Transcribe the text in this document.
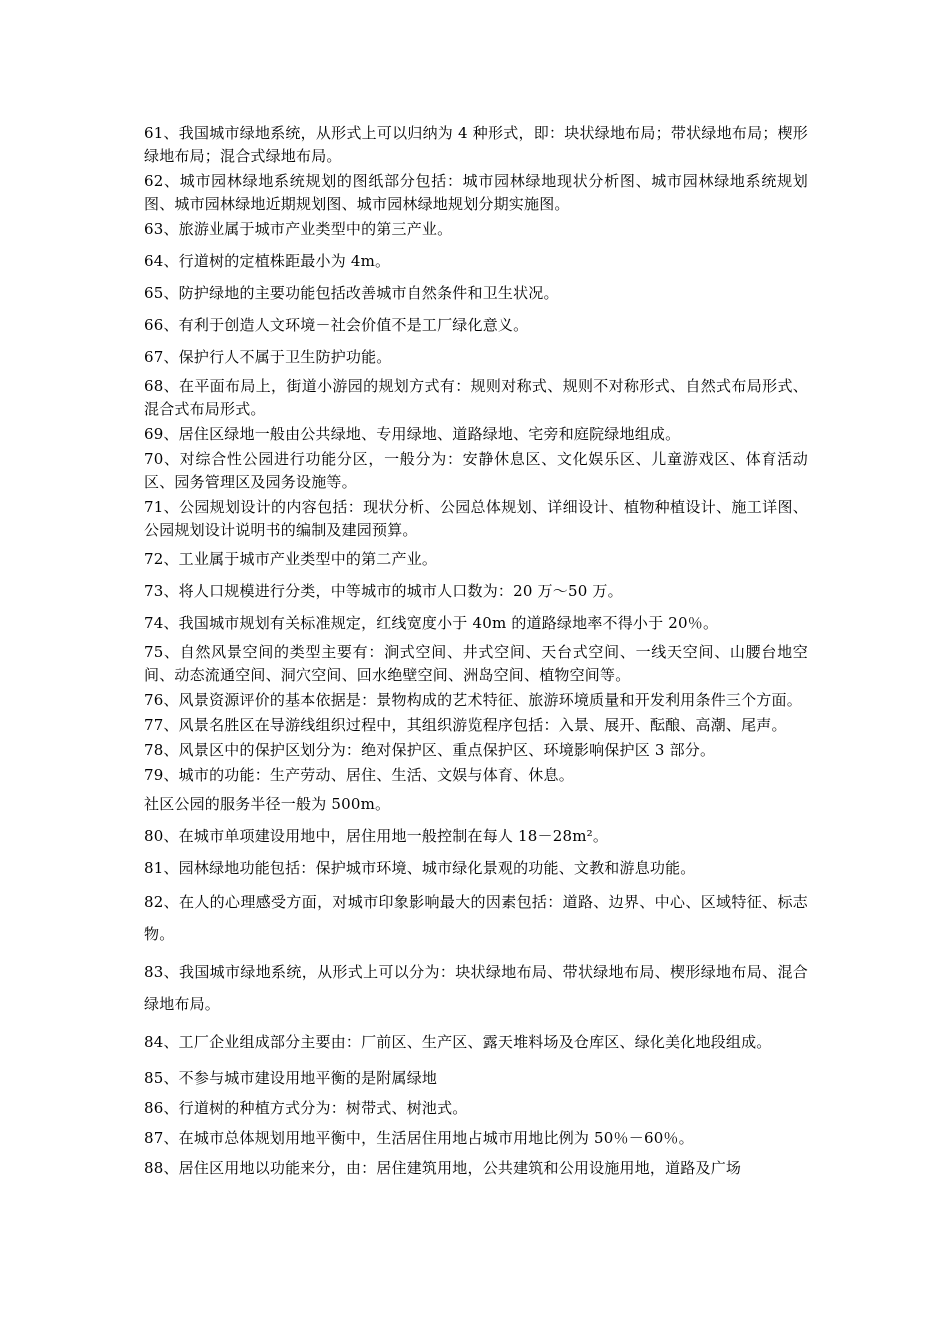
61、我国城市绿地系统，从形式上可以归纳为 4 种形式，即：块状绿地布局；带状绿地布局；楔形绿地布局；混合式绿地布局。

62、城市园林绿地系统规划的图纸部分包括：城市园林绿地现状分析图、城市园林绿地系统规划图、城市园林绿地近期规划图、城市园林绿地规划分期实施图。

63、旅游业属于城市产业类型中的第三产业。

64、行道树的定植株距最小为 4m。

65、防护绿地的主要功能包括改善城市自然条件和卫生状况。

66、有利于创造人文环境－社会价值不是工厂绿化意义。

67、保护行人不属于卫生防护功能。

68、在平面布局上，街道小游园的规划方式有：规则对称式、规则不对称形式、自然式布局形式、混合式布局形式。

69、居住区绿地一般由公共绿地、专用绿地、道路绿地、宅旁和庭院绿地组成。

70、对综合性公园进行功能分区，一般分为：安静休息区、文化娱乐区、儿童游戏区、体育活动区、园务管理区及园务设施等。

71、公园规划设计的内容包括：现状分析、公园总体规划、详细设计、植物种植设计、施工详图、公园规划设计说明书的编制及建园预算。

72、工业属于城市产业类型中的第二产业。

73、将人口规模进行分类，中等城市的城市人口数为：20 万～50 万。

74、我国城市规划有关标准规定，红线宽度小于 40m 的道路绿地率不得小于 20％。

75、自然风景空间的类型主要有：涧式空间、井式空间、天台式空间、一线天空间、山腰台地空间、动态流通空间、洞穴空间、回水绝壁空间、洲岛空间、植物空间等。

76、风景资源评价的基本依据是：景物构成的艺术特征、旅游环境质量和开发利用条件三个方面。

77、风景名胜区在导游线组织过程中，其组织游览程序包括：入景、展开、酝酿、高潮、尾声。

78、风景区中的保护区划分为：绝对保护区、重点保护区、环境影响保护区 3 部分。

79、城市的功能：生产劳动、居住、生活、文娱与体育、休息。

社区公园的服务半径一般为 500m。

80、在城市单项建设用地中，居住用地一般控制在每人 18－28m²。

81、园林绿地功能包括：保护城市环境、城市绿化景观的功能、文教和游息功能。

82、在人的心理感受方面，对城市印象影响最大的因素包括：道路、边界、中心、区域特征、标志物。

83、我国城市绿地系统，从形式上可以分为：块状绿地布局、带状绿地布局、楔形绿地布局、混合绿地布局。

84、工厂企业组成部分主要由：厂前区、生产区、露天堆料场及仓库区、绿化美化地段组成。

85、不参与城市建设用地平衡的是附属绿地

86、行道树的种植方式分为：树带式、树池式。

87、在城市总体规划用地平衡中，生活居住用地占城市用地比例为 50％－60％。

88、居住区用地以功能来分，由：居住建筑用地，公共建筑和公用设施用地，道路及广场
